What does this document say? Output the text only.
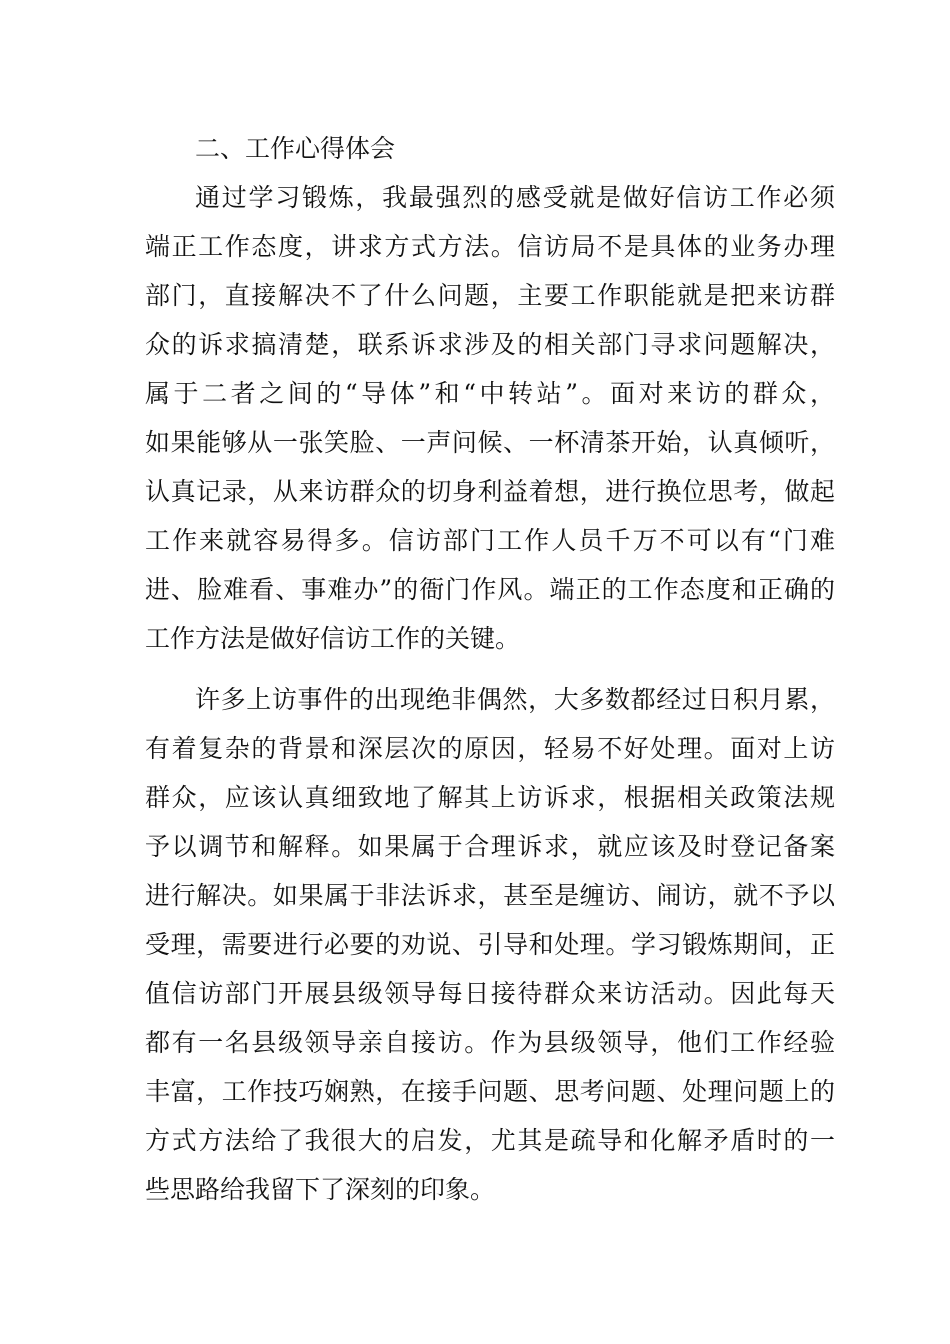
二、工作心得体会
通过学习锻炼，我最强烈的感受就是做好信访工作必须
端正工作态度，讲求方式方法。信访局不是具体的业务办理
部门，直接解决不了什么问题，主要工作职能就是把来访群
众的诉求搞清楚，联系诉求涉及的相关部门寻求问题解决，
属于二者之间的“导体”和“中转站”。面对来访的群众，
如果能够从一张笑脸、一声问候、一杯清茶开始，认真倾听，
认真记录，从来访群众的切身利益着想，进行换位思考，做起
工作来就容易得多。信访部门工作人员千万不可以有“门难
进、脸难看、事难办”的衙门作风。端正的工作态度和正确的
工作方法是做好信访工作的关键。
许多上访事件的出现绝非偶然，大多数都经过日积月累，
有着复杂的背景和深层次的原因，轻易不好处理。面对上访
群众，应该认真细致地了解其上访诉求，根据相关政策法规
予以调节和解释。如果属于合理诉求，就应该及时登记备案
进行解决。如果属于非法诉求，甚至是缠访、闹访，就不予以
受理，需要进行必要的劝说、引导和处理。学习锻炼期间，正
值信访部门开展县级领导每日接待群众来访活动。因此每天
都有一名县级领导亲自接访。作为县级领导，他们工作经验
丰富，工作技巧娴熟，在接手问题、思考问题、处理问题上的
方式方法给了我很大的启发，尤其是疏导和化解矛盾时的一
些思路给我留下了深刻的印象。
